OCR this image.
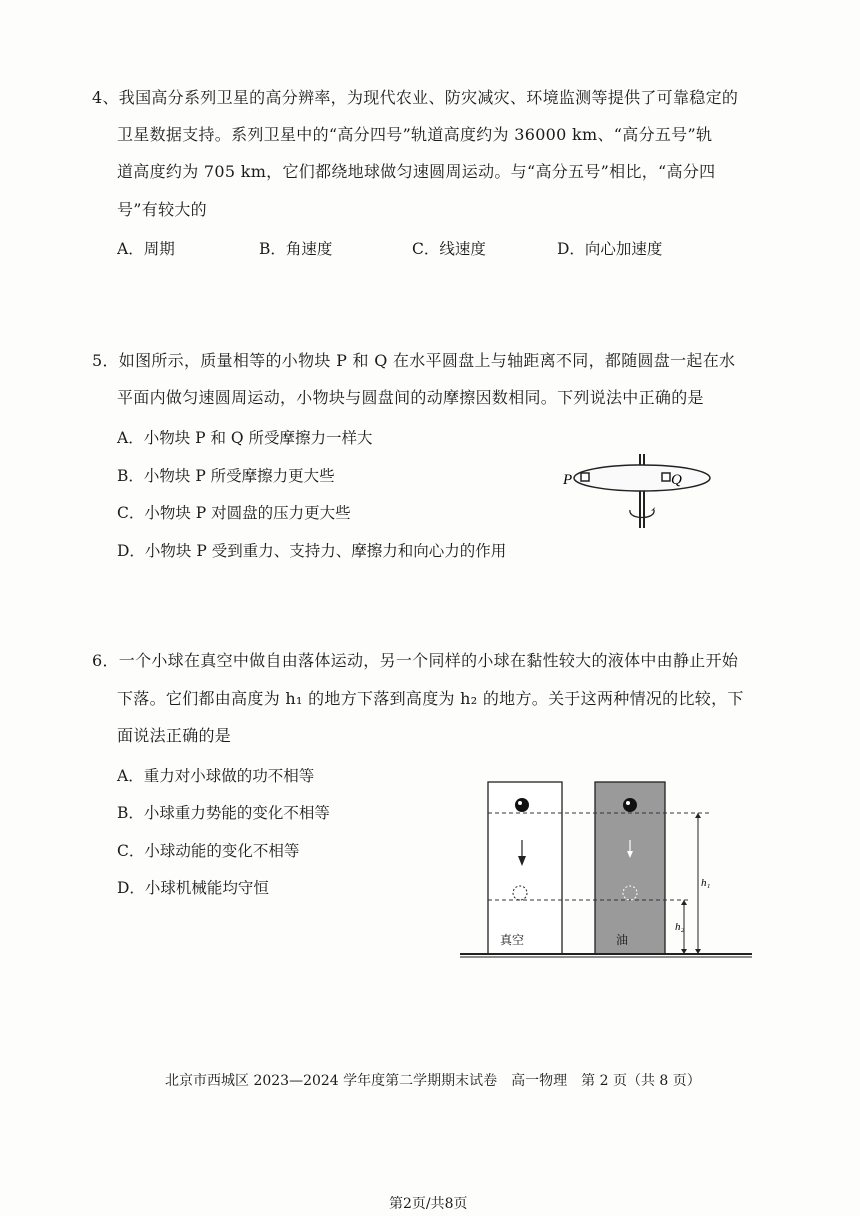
4、我国高分系列卫星的高分辨率，为现代农业、防灾减灾、环境监测等提供了可靠稳定的
卫星数据支持。系列卫星中的“高分四号”轨道高度约为 36000 km、“高分五号”轨
道高度约为 705 km，它们都绕地球做匀速圆周运动。与“高分五号”相比，“高分四
号”有较大的
A．周期	B．角速度	C．线速度	D．向心加速度
5．如图所示，质量相等的小物块 P 和 Q 在水平圆盘上与轴距离不同，都随圆盘一起在水
平面内做匀速圆周运动，小物块与圆盘间的动摩擦因数相同。下列说法中正确的是
A．小物块 P 和 Q 所受摩擦力一样大
B．小物块 P 所受摩擦力更大些
C．小物块 P 对圆盘的压力更大些
D．小物块 P 受到重力、支持力、摩擦力和向心力的作用
P	Q
6．一个小球在真空中做自由落体运动，另一个同样的小球在黏性较大的液体中由静止开始
下落。它们都由高度为 h₁ 的地方下落到高度为 h₂ 的地方。关于这两种情况的比较，下
面说法正确的是
A．重力对小球做的功不相等
B．小球重力势能的变化不相等
C．小球动能的变化不相等
D．小球机械能均守恒	h₁
h₂
真空	油
北京市西城区 2023—2024 学年度第二学期期末试卷　高一物理　第 2 页（共 8 页）
第2页/共8页
